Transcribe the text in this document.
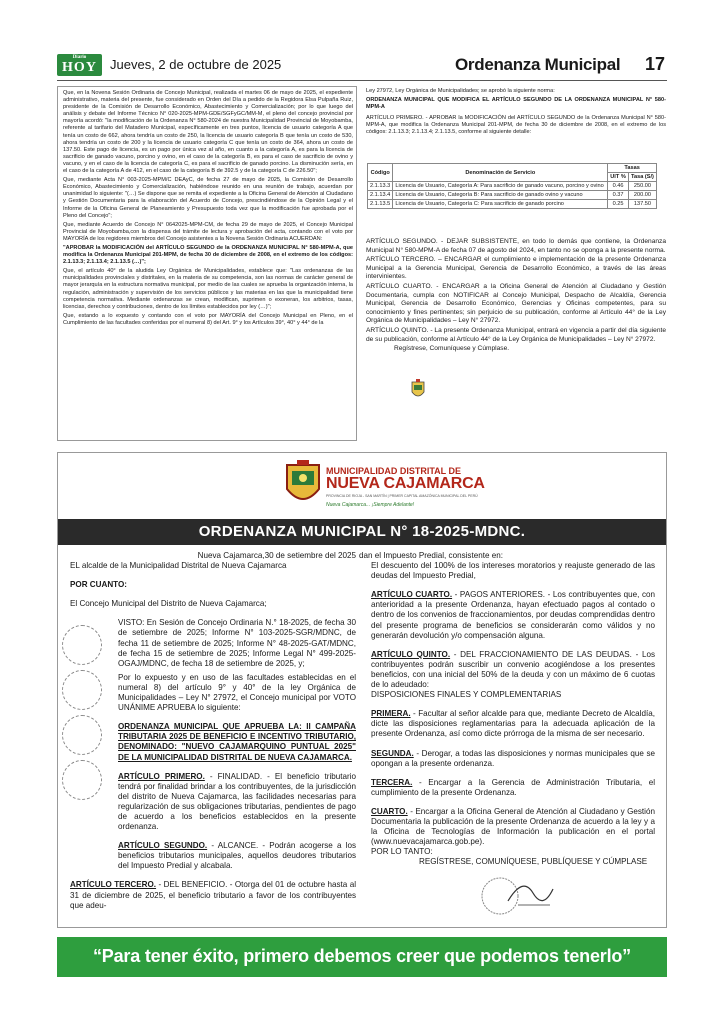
Diario
HOY	Jueves, 2 de octubre de 2025	Ordenanza Municipal 17

Que, en la Novena Sesión Ordinaria de Concejo Municipal, realizada el martes 06 de mayo de 2025, el expediente administrativo, materia del presente, fue considerado en Orden del Día a pedido de la Regidora Elsa Pulpaña Ruiz, presidente de la Comisión de Desarrollo Económico, Abastecimiento y Comercialización; por lo que luego del análisis y debate del Informe Técnico N° 020-2025-MPM-GDE/SGFyGC/MM-M, el pleno del concejo provincial por mayoría acordó: "la modificación de la Ordenanza N° 580-2024 de nuestra Municipalidad Provincial de Moyobamba, referente al tarifario del Matadero Municipal, específicamente en tres puntos, licencia de usuario categoría A que tenía un costo de 662, ahora tendría un costo de 250, la licencia de usuario categoría B que tenía un costo de 530, ahora tendría un costo de 200 y la licencia de usuario categoría C que tenía un costo de 364, ahora un costo de 137.50. Este pago de licencia, es un pago por única vez al año, en cuanto a la categoría A, es para la licencia de sacrificio de ganado vacuno, porcino y ovino, en el caso de la categoría B, es para el caso de sacrificio de ovino y vacuno, y en el caso de la licencia de categoría C, es para el sacrificio de ganado porcino. La disminución sería, en el caso de la categoría A de 412, en el caso de la categoría B de 392.5 y de la categoría C de 226.50";

Que, mediante Acta N° 003-2025-MPM/C DEAyC, de fecha 27 de mayo de 2025, la Comisión de Desarrollo Económico, Abastecimiento y Comercialización, habiéndose reunido en una reunión de trabajo, acuerdan por unanimidad lo siguiente: "(…) Se dispone que se remita el expediente a la Oficina General de Atención al Ciudadano y Gestión Documentaria para la elaboración del Acuerdo de Concejo, prescindiéndose de la Opinión Legal y el Informe de la Oficina General de Planeamiento y Presupuesto toda vez que la modificación fue aprobada por el Pleno del Concejo";

Que, mediante Acuerdo de Concejo N° 0642025-MPM-CM, de fecha 29 de mayo de 2025, el Concejo Municipal Provincial de Moyobamba,con la dispensa del trámite de lectura y aprobación del acta, contando con el voto por MAYORÍA de los regidores miembros del Concejo asistentes a la Novena Sesión Ordinaria ACUERDAN:

"APROBAR la MODIFICACIÓN del ARTÍCULO SEGUNDO de la ORDENANZA MUNICIPAL N° 580-MPM-A, que modifica la Ordenanza Municipal 201-MPM, de fecha 30 de diciembre de 2008, en el extremo de los códigos: 2.1.13.3; 2.1.13.4; 2.1.13.5 (…)";

Que, el artículo 40° de la aludida Ley Orgánica de Municipalidades, establece que: "Las ordenanzas de las municipalidades provinciales y distritales, en la materia de su competencia, son las normas de carácter general de mayor jerarquía en la estructura normativa municipal, por medio de las cuales se aprueba la organización interna, la regulación, administración y supervisión de los servicios públicos y las materias en las que la municipalidad tiene competencia normativa. Mediante ordenanzas se crean, modifican, suprimen o exoneran, los arbitrios, tasas, licencias, derechos y contribuciones, dentro de los límites establecidos por ley (…)";

Que, estando a lo expuesto y contando con el voto por MAYORÍA del Concejo Municipal en Pleno, en el Cumplimiento de las facultades conferidas por el numeral 8) del Art. 9° y los Artículos 39°, 40° y 44° de la

Ley 27972, Ley Orgánica de Municipalidades; se aprobó la siguiente norma:

ORDENANZA MUNICIPAL QUE MODIFICA EL ARTÍCULO SEGUNDO DE LA ORDENANZA MUNICIPAL N° 580-MPM-A

ARTÍCULO PRIMERO. - APROBAR la MODIFICACIÓN del ARTÍCULO SEGUNDO de la Ordenanza Municipal N° 580-MPM-A, que modifica la Ordenanza Municipal 201-MPM, de fecha 30 de diciembre de 2008, en el extremo de los códigos: 2.1.13.3; 2.1.13.4; 2.1.13.5, conforme al siguiente detalle:

Código	Denominación de Servicio	Tasas	
		UIT %	Tasa (S/)
2.1.13.3	Licencia de Usuario, Categoría A: Para sacrificio de ganado vacuno, porcino y ovino	0.46	250.00
2.1.13.4	Licencia de Usuario, Categoría B: Para sacrificio de ganado ovino y vacuno	0.37	200.00
2.1.13.5	Licencia de Usuario, Categoría C: Para sacrificio de ganado porcino	0.25	137.50

ARTÍCULO SEGUNDO. - DEJAR SUBSISTENTE, en todo lo demás que contiene, la Ordenanza Municipal N° 580-MPM-A de fecha 07 de agosto del 2024, en tanto no se oponga a la presente norma.

ARTÍCULO TERCERO. – ENCARGAR el cumplimiento e implementación de la presente Ordenanza Municipal a la Gerencia Municipal, Gerencia de Desarrollo Económico, a través de las áreas intervinientes.

ARTÍCULO CUARTO. - ENCARGAR a la Oficina General de Atención al Ciudadano y Gestión Documentaria, cumpla con NOTIFICAR al Concejo Municipal, Despacho de Alcaldía, Gerencia Municipal, Gerencia de Desarrollo Económico, Gerencias y Oficinas competentes, para su conocimiento y fines pertinentes; sin perjuicio de su publicación, conforme al Artículo 44° de la Ley Orgánica de Municipalidades – Ley N° 27972.

ARTÍCULO QUINTO. - La presente Ordenanza Municipal, entrará en vigencia a partir del día siguiente de su publicación, conforme al Artículo 44° de la Ley Orgánica de Municipalidades – Ley N° 27972.

Regístrese, Comuníquese y Cúmplase.

MUNICIPALIDAD DISTRITAL DE
NUEVA CAJAMARCA
PROVINCIA DE RIOJA - SAN MARTÍN | PRIMER CAPITAL AMAZÓNICA MUNICIPAL DEL PERÚ
Nueva Cajamarca... ¡Siempre Adelante!
ORDENANZA MUNICIPAL N° 18-2025-MDNC.

Nueva Cajamarca,30 de setiembre del 2025

EL alcalde de la Municipalidad Distrital de Nueva Cajamarca

POR CUANTO:

El Concejo Municipal del Distrito de Nueva Cajamarca;

VISTO: En Sesión de Concejo Ordinaria N.° 18-2025, de fecha 30 de setiembre de 2025; Informe N° 103-2025-SGR/MDNC, de fecha 11 de setiembre de 2025; Informe N° 48-2025-GAT/MDNC, de fecha 15 de setiembre de 2025; Informe Legal N° 499-2025-OGAJ/MDNC, de fecha 18 de setiembre de 2025, y;

Por lo expuesto y en uso de las facultades establecidas en el numeral 8) del artículo 9° y 40° de la ley Orgánica de Municipalidades – Ley N° 27972, el Concejo municipal por VOTO UNÁNIME APRUEBA lo siguiente:

ORDENANZA MUNICIPAL QUE APRUEBA LA: II CAMPAÑA TRIBUTARIA 2025 DE BENEFICIO E INCENTIVO TRIBUTARIO, DENOMINADO: "NUEVO CAJAMARQUINO PUNTUAL 2025" DE LA MUNICIPALIDAD DISTRITAL DE NUEVA CAJAMARCA.

ARTÍCULO PRIMERO. - FINALIDAD. - El beneficio tributario tendrá por finalidad brindar a los contribuyentes, de la jurisdicción del distrito de Nueva Cajamarca, las facilidades necesarias para regularización de sus obligaciones tributarias, pendientes de pago de acuerdo a los beneficios establecidos en la presente ordenanza.

ARTÍCULO SEGUNDO. - ALCANCE. - Podrán acogerse a los beneficios tributarios municipales, aquellos deudores tributarios del Impuesto Predial y alcabala.

ARTÍCULO TERCERO. - DEL BENEFICIO. - Otorga del 01 de octubre hasta al 31 de diciembre de 2025, el beneficio tributario a favor de los contribuyentes que adeu-

dan el Impuesto Predial, consistente en:

El descuento del 100% de los intereses moratorios y reajuste generado de las deudas del Impuesto Predial,

ARTÍCULO CUARTO. - PAGOS ANTERIORES. - Los contribuyentes que, con anterioridad a la presente Ordenanza, hayan efectuado pagos al contado o dentro de los convenios de fraccionamientos, por deudas comprendidas dentro del presente programa de beneficios se considerarán como válidos y no generarán devolución y/o compensación alguna.

ARTÍCULO QUINTO. - DEL FRACCIONAMIENTO DE LAS DEUDAS. - Los contribuyentes podrán suscribir un convenio acogiéndose a los presentes beneficios, con una inicial del 50% de la deuda y con un máximo de 6 cuotas de lo adeudado:

DISPOSICIONES FINALES Y COMPLEMENTARIAS

PRIMERA. - Facultar al señor alcalde para que, mediante Decreto de Alcaldía, dicte las disposiciones reglamentarias para la adecuada aplicación de la presente Ordenanza, así como dicte prórroga de la misma de ser necesario.

SEGUNDA. - Derogar, a todas las disposiciones y normas municipales que se opongan a la presente ordenanza.

TERCERA. - Encargar a la Gerencia de Administración Tributaria, el cumplimiento de la presente Ordenanza.

CUARTO. - Encargar a la Oficina General de Atención al Ciudadano y Gestión Documentaria la publicación de la presente Ordenanza de acuerdo a la ley y a la Oficina de Tecnologías de Información la publicación en el portal (www.nuevacajamarca.gob.pe).

POR LO TANTO:

REGÍSTRESE, COMUNÍQUESE, PUBLÍQUESE Y CÚMPLASE

“Para tener éxito, primero debemos creer que podemos tenerlo”
